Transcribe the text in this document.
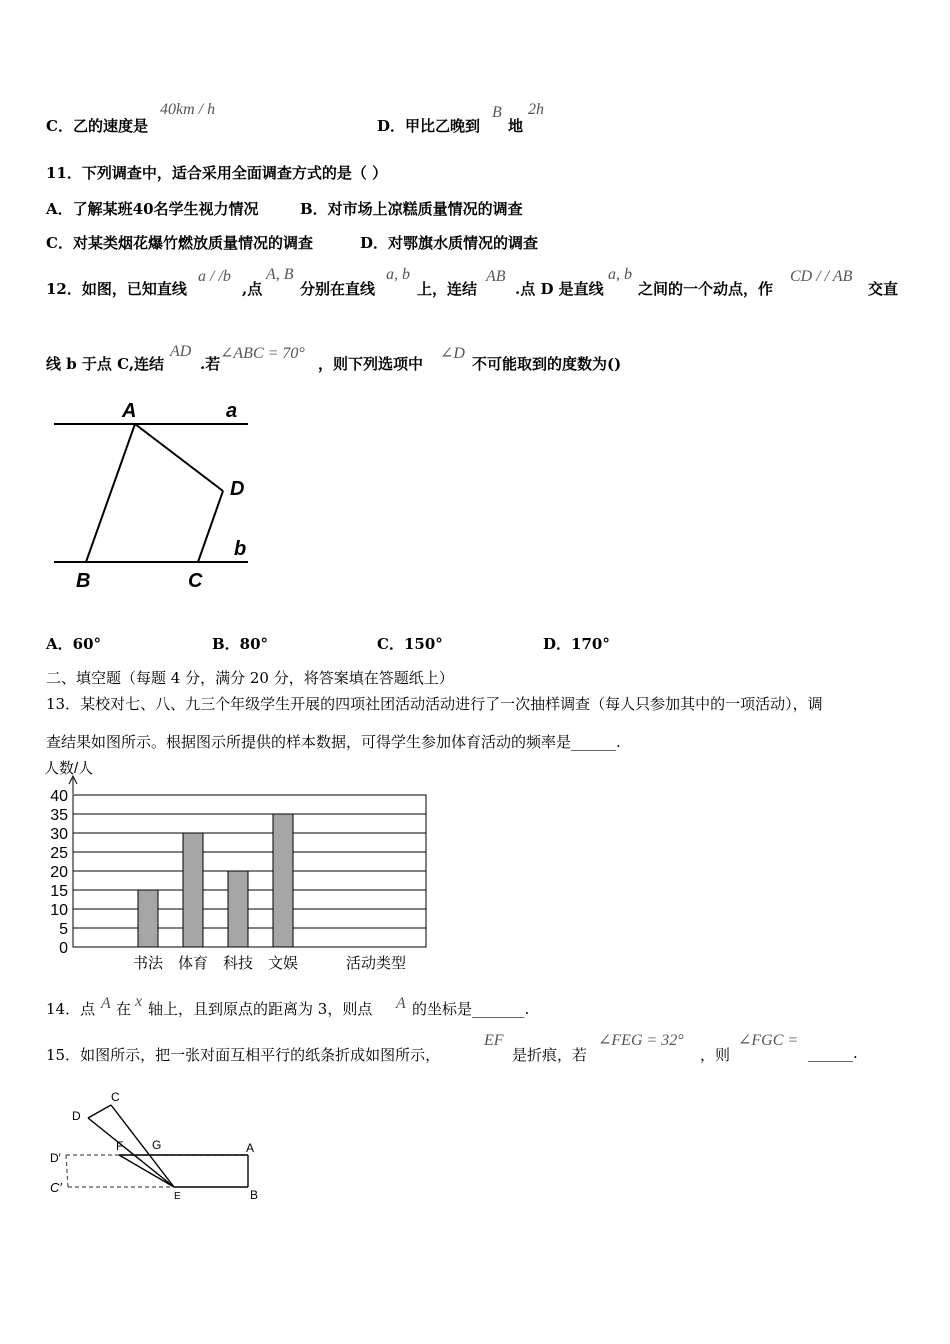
C．乙的速度是
40km / h
D．甲比乙晚到
B
地
2h
11．下列调查中，适合采用全面调查方式的是（ ）
A．了解某班40名学生视力情况	B．对市场上凉糕质量情况的调查
C．对某类烟花爆竹燃放质量情况的调查	D．对鄂旗水质情况的调查
12．如图，已知直线
a / /b
,点
A, B
分别在直线
a, b
上，连结
AB
.点 D 是直线
a, b
之间的一个动点，作
CD / / AB
交直
线 b 于点 C,连结
AD
.若
∠ABC = 70°
，则下列选项中
∠D
不可能取到的度数为()
A	a
D
b
B	C
A．60°	B．80°	C．150°	D．170°
二、填空题（每题 4 分，满分 20 分，将答案填在答题纸上）
13．某校对七、八、九三个年级学生开展的四项社团活动活动进行了一次抽样调查（每人只参加其中的一项活动），调
查结果如图所示。根据图示所提供的样本数据，可得学生参加体育活动的频率是______.
人数/人
0
5
10
15
20
25
30
35
40
书法 体育 科技 文娱	活动类型
14．点 A 在 x 轴上，且到原点的距离为 3，则点 A 的坐标是_______.
15．如图所示，把一张对面互相平行的纸条折成如图所示，
EF
是折痕，若
∠FEG = 32°
，则
∠FGC =
______.
C
D
F G	A
D′
C′
E	B
